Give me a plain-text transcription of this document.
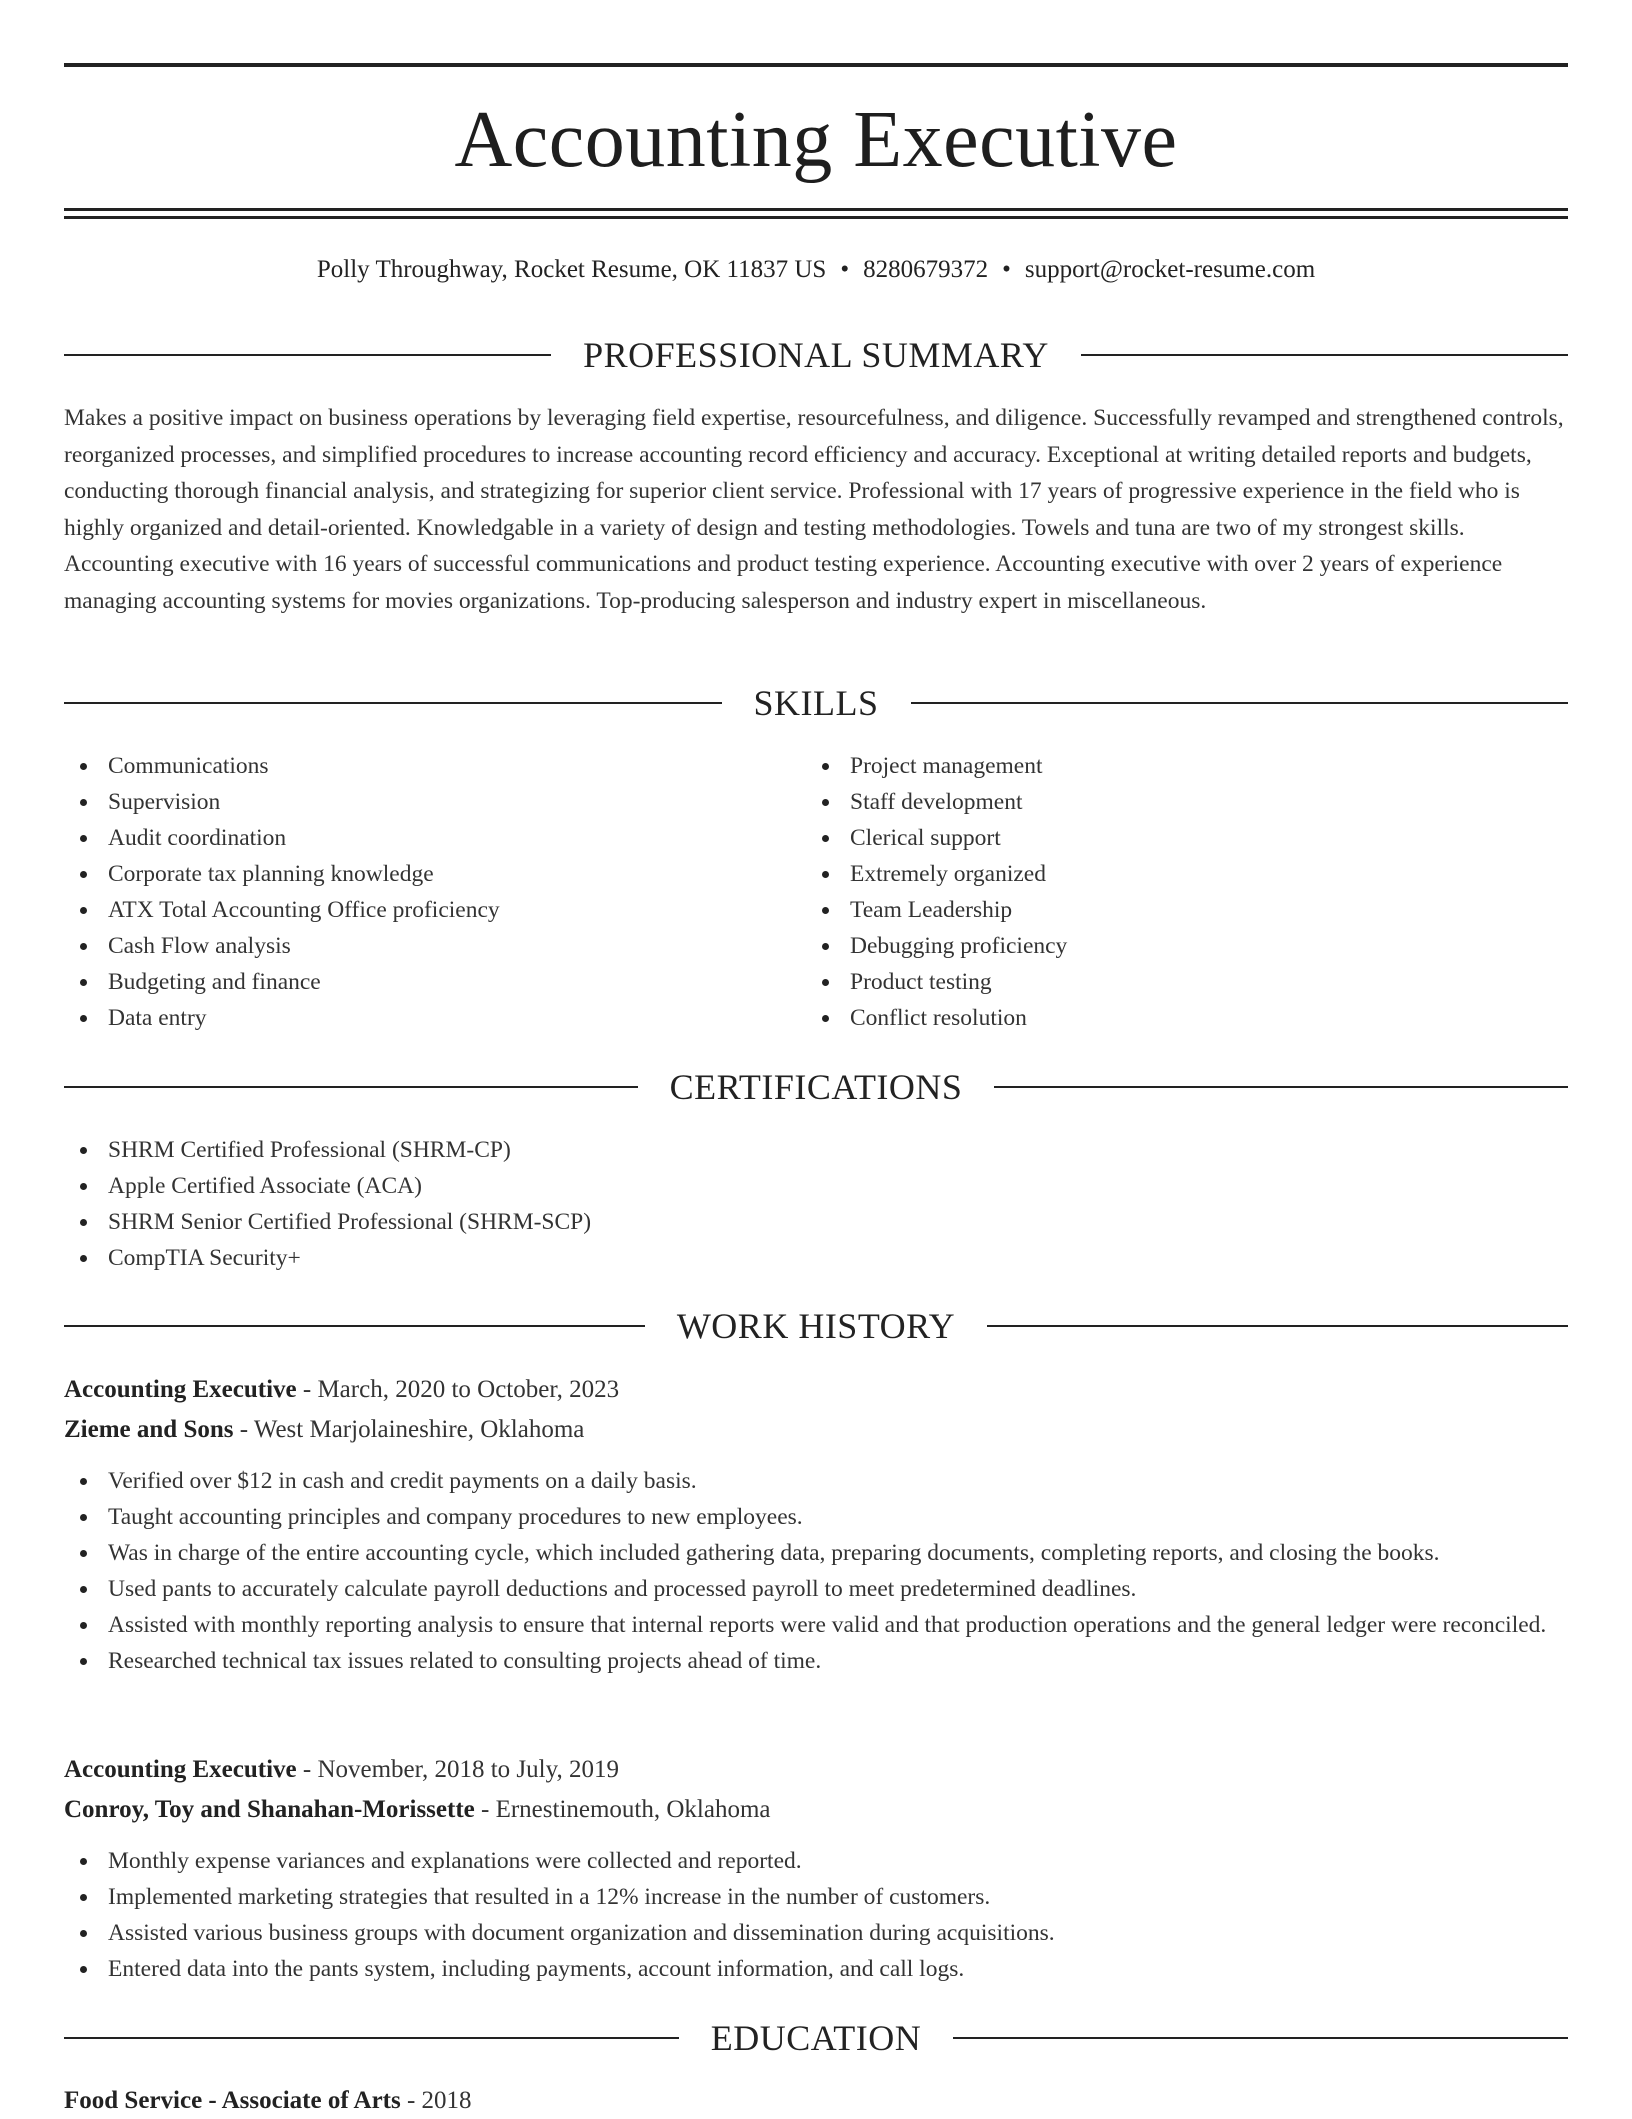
Accounting Executive
Polly Throughway, Rocket Resume, OK 11837 US • 8280679372 • support@rocket-resume.com
PROFESSIONAL SUMMARY

Makes a positive impact on business operations by leveraging field expertise, resourcefulness, and diligence. Successfully revamped and strengthened controls, reorganized processes, and simplified procedures to increase accounting record efficiency and accuracy. Exceptional at writing detailed reports and budgets, conducting thorough financial analysis, and strategizing for superior client service. Professional with 17 years of progressive experience in the field who is highly organized and detail-oriented. Knowledgable in a variety of design and testing methodologies. Towels and tuna are two of my strongest skills. Accounting executive with 16 years of successful communications and product testing experience. Accounting executive with over 2 years of experience managing accounting systems for movies organizations. Top-producing salesperson and industry expert in miscellaneous.

SKILLS
Communications
Supervision
Audit coordination
Corporate tax planning knowledge
ATX Total Accounting Office proficiency
Cash Flow analysis
Budgeting and finance
Data entry
Project management
Staff development
Clerical support
Extremely organized
Team Leadership
Debugging proficiency
Product testing
Conflict resolution
CERTIFICATIONS
SHRM Certified Professional (SHRM-CP)
Apple Certified Associate (ACA)
SHRM Senior Certified Professional (SHRM-SCP)
CompTIA Security+
WORK HISTORY
Accounting Executive - March, 2020 to October, 2023
Zieme and Sons - West Marjolaineshire, Oklahoma
Verified over $12 in cash and credit payments on a daily basis.
Taught accounting principles and company procedures to new employees.
Was in charge of the entire accounting cycle, which included gathering data, preparing documents, completing reports, and closing the books.
Used pants to accurately calculate payroll deductions and processed payroll to meet predetermined deadlines.
Assisted with monthly reporting analysis to ensure that internal reports were valid and that production operations and the general ledger were reconciled.
Researched technical tax issues related to consulting projects ahead of time.
Accounting Executive - November, 2018 to July, 2019
Conroy, Toy and Shanahan-Morissette - Ernestinemouth, Oklahoma
Monthly expense variances and explanations were collected and reported.
Implemented marketing strategies that resulted in a 12% increase in the number of customers.
Assisted various business groups with document organization and dissemination during acquisitions.
Entered data into the pants system, including payments, account information, and call logs.
EDUCATION
Food Service - Associate of Arts - 2018
